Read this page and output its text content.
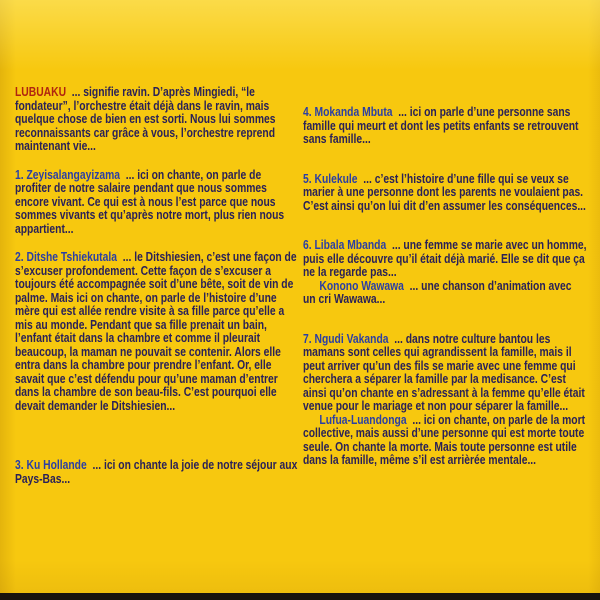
LUBUAKU  ... signifie ravin. D’après Mingiedi, “le fondateur”, l’orchestre était déjà dans le ravin, mais quelque chose de bien en est sorti. Nous lui sommes reconnaissants car grâce à vous, l’orchestre reprend maintenant vie...

1. Zeyisalangayizama  ... ici on chante, on parle de profiter de notre salaire pendant que nous sommes encore vivant. Ce qui est à nous l’est parce que nous sommes vivants et qu’après notre mort, plus rien nous appartient...

2. Ditshe Tshiekutala  ... le Ditshiesien, c’est une façon de s’excuser profondement. Cette façon de s’excuser a toujours été accompagnée soit d’une bête, soit de vin de palme. Mais ici on chante, on parle de l’histoire d’une mère qui est allée rendre visite à sa fille parce qu’elle a mis au monde. Pendant que sa fille prenait un bain, l’enfant était dans la chambre et comme il pleurait beaucoup, la maman ne pouvait se contenir. Alors elle entra dans la chambre pour prendre l’enfant. Or, elle savait que c’est défendu pour qu’une maman d’entrer dans la chambre de son beau-fils. C’est pourquoi elle devait demander le Ditshiesien...

3. Ku Hollande  ... ici on chante la joie de notre séjour aux Pays-Bas...

4. Mokanda Mbuta  ... ici on parle d’une personne sans famille qui meurt et dont les petits enfants se retrouvent sans famille...

5. Kulekule  ... c’est l’histoire d’une fille qui se veux se marier à une personne dont les parents ne voulaient pas. C’est ainsi qu’on lui dit d’en assumer les conséquences...

6. Libala Mbanda  ... une femme se marie avec un homme, puis elle découvre qu’il était déjà marié. Elle se dit que ça ne la regarde pas...

Konono Wawawa  ... une chanson d’animation avec un cri Wawawa...

7. Ngudi Vakanda  ... dans notre culture bantou les mamans sont celles qui agrandissent la famille, mais il peut arriver qu’un des fils se marie avec une femme qui cherchera a séparer la famille par la medisance. C’est ainsi qu’on chante en s’adressant à la femme qu’elle était venue pour le mariage et non pour séparer la famille...

Lufua-Luandonga  ... ici on chante, on parle de la mort collective, mais aussi d’une personne qui est morte toute seule. On chante la morte. Mais toute personne est utile dans la famille, même s’il est arrièrée mentale...
